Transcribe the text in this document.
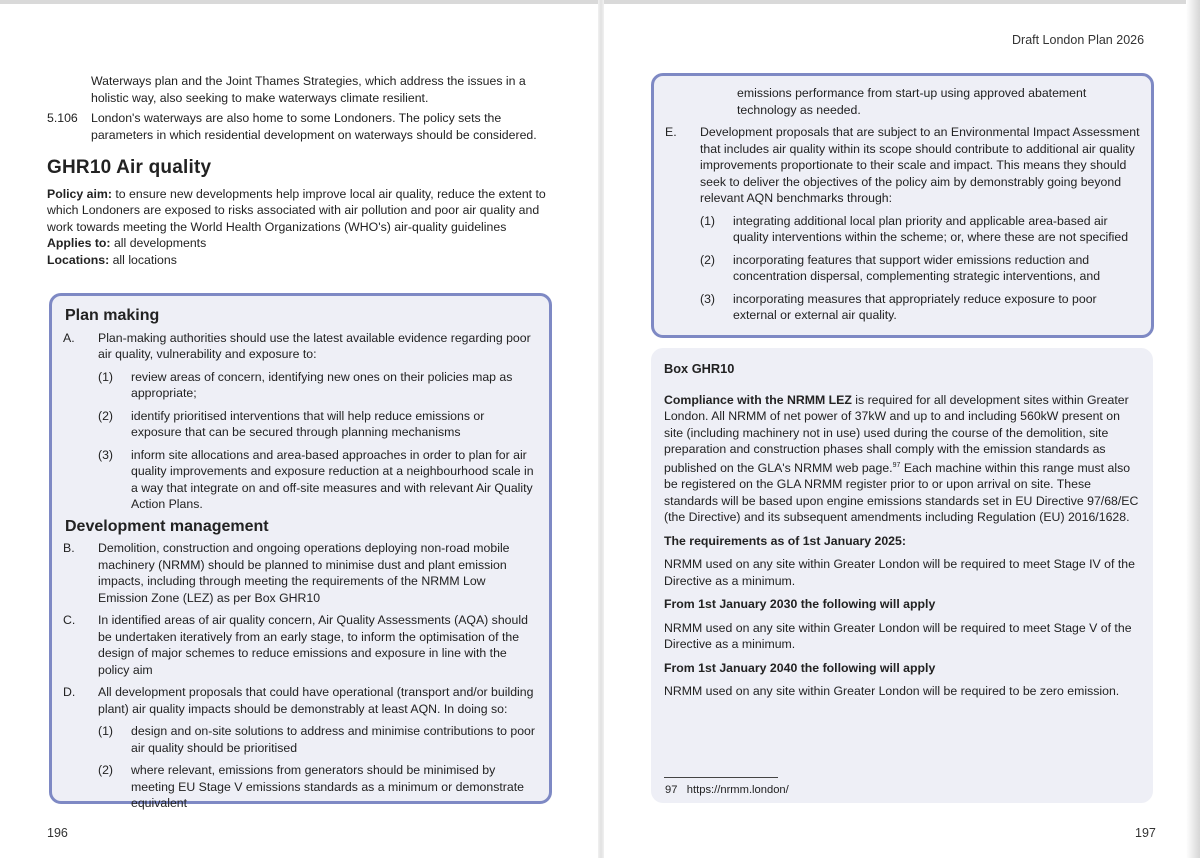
Draft London Plan 2026

Waterways plan and the Joint Thames Strategies, which address the issues in a holistic way, also seeking to make waterways climate resilient.

5.106	London's waterways are also home to some Londoners. The policy sets the parameters in which residential development on waterways should be considered.
GHR10 Air quality

Policy aim: to ensure new developments help improve local air quality, reduce the extent to which Londoners are exposed to risks associated with air pollution and poor air quality and work towards meeting the World Health Organizations (WHO's) air-quality guidelines

Applies to: all developments

Locations: all locations

Plan making
A.	Plan-making authorities should use the latest available evidence regarding poor air quality, vulnerability and exposure to:
(1)	review areas of concern, identifying new ones on their policies map as appropriate;
(2)	identify prioritised interventions that will help reduce emissions or exposure that can be secured through planning mechanisms
(3)	inform site allocations and area-based approaches in order to plan for air quality improvements and exposure reduction at a neighbourhood scale in a way that integrate on and off-site measures and with relevant Air Quality Action Plans.
Development management
B.	Demolition, construction and ongoing operations deploying non-road mobile machinery (NRMM) should be planned to minimise dust and plant emission impacts, including through meeting the requirements of the NRMM Low Emission Zone (LEZ) as per Box GHR10
C.	In identified areas of air quality concern, Air Quality Assessments (AQA) should be undertaken iteratively from an early stage, to inform the optimisation of the design of major schemes to reduce emissions and exposure in line with the policy aim
D.	All development proposals that could have operational (transport and/or building plant) air quality impacts should be demonstrably at least AQN. In doing so:
(1)	design and on-site solutions to address and minimise contributions to poor air quality should be prioritised
(2)	where relevant, emissions from generators should be minimised by meeting EU Stage V emissions standards as a minimum or demonstrate equivalent
196
emissions performance from start-up using approved abatement technology as needed.
E.	Development proposals that are subject to an Environmental Impact Assessment that includes air quality within its scope should contribute to additional air quality improvements proportionate to their scale and impact. This means they should seek to deliver the objectives of the policy aim by demonstrably going beyond relevant AQN benchmarks through:
(1)	integrating additional local plan priority and applicable area-based air quality interventions within the scheme; or, where these are not specified
(2)	incorporating features that support wider emissions reduction and concentration dispersal, complementing strategic interventions, and
(3)	incorporating measures that appropriately reduce exposure to poor external or external air quality.
Box GHR10

Compliance with the NRMM LEZ is required for all development sites within Greater London. All NRMM of net power of 37kW and up to and including 560kW present on site (including machinery not in use) used during the course of the demolition, site preparation and construction phases shall comply with the emission standards as published on the GLA's NRMM web page.$^{97}$ Each machine within this range must also be registered on the GLA NRMM register prior to or upon arrival on site. These standards will be based upon engine emissions standards set in EU Directive 97/68/EC (the Directive) and its subsequent amendments including Regulation (EU) 2016/1628.

The requirements as of 1st January 2025:

NRMM used on any site within Greater London will be required to meet Stage IV of the Directive as a minimum.

From 1st January 2030 the following will apply

NRMM used on any site within Greater London will be required to meet Stage V of the Directive as a minimum.

From 1st January 2040 the following will apply

NRMM used on any site within Greater London will be required to be zero emission.

97 https://nrmm.london/
197
